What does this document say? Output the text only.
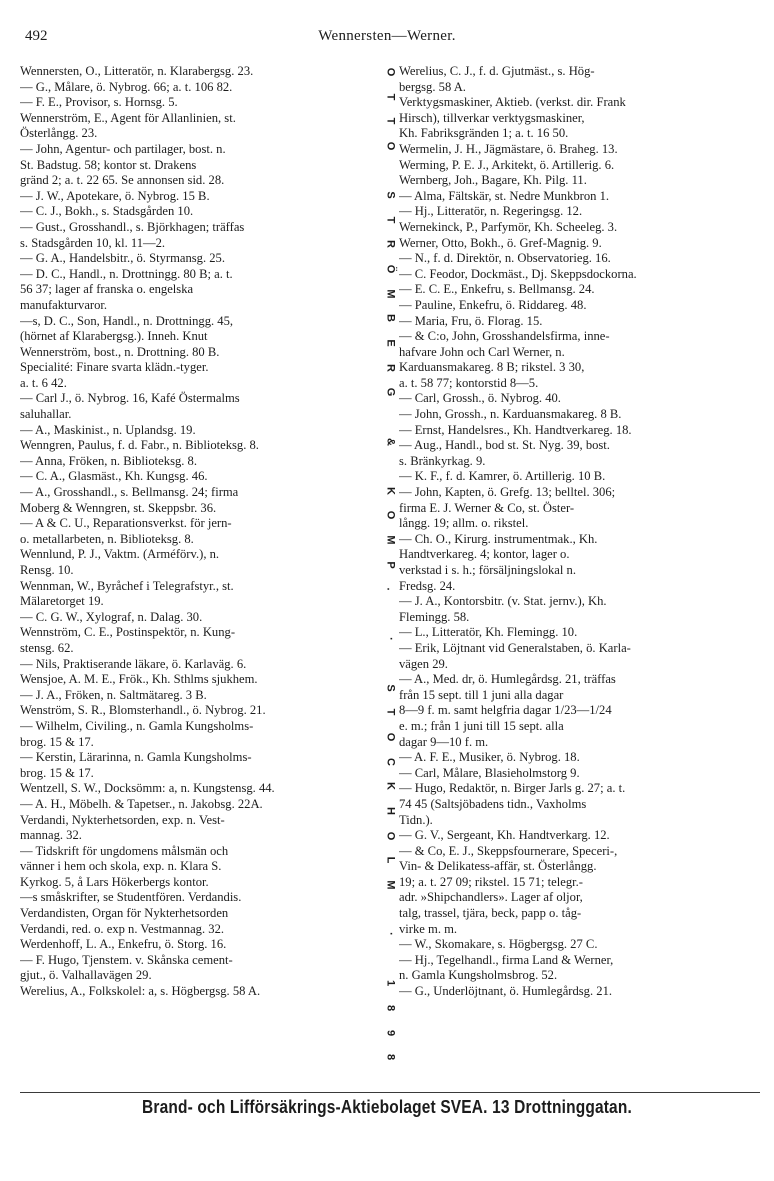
492	Wennersten—Werner.
Wennersten, O., Litteratör, n. Klarabergsg. 23.
— G., Målare, ö. Nybrog. 66; a. t. 106 82.
— F. E., Provisor, s. Hornsg. 5.
Wennerström, E., Agent för Allanlinien, st.
Österlångg. 23.
— John, Agentur- och partilager, bost. n.
St. Badstug. 58; kontor st. Drakens
gränd 2; a. t. 22 65. Se annonsen sid. 28.
— J. W., Apotekare, ö. Nybrog. 15 B.
— C. J., Bokh., s. Stadsgården 10.
— Gust., Grosshandl., s. Björkhagen; träffas
s. Stadsgården 10, kl. 11—2.
— G. A., Handelsbitr., ö. Styrmansg. 25.
— D. C., Handl., n. Drottningg. 80 B; a. t.
56 37; lager af franska o. engelska
manufakturvaror.
—s, D. C., Son, Handl., n. Drottningg. 45,
(hörnet af Klarabergsg.). Inneh. Knut
Wennerström, bost., n. Drottning. 80 B.
Specialité: Finare svarta klädn.-tyger.
a. t. 6 42.
— Carl J., ö. Nybrog. 16, Kafé Östermalms
saluhallar.
— A., Maskinist., n. Uplandsg. 19.
Wenngren, Paulus, f. d. Fabr., n. Biblioteksg. 8.
— Anna, Fröken, n. Biblioteksg. 8.
— C. A., Glasmäst., Kh. Kungsg. 46.
— A., Grosshandl., s. Bellmansg. 24; firma
Moberg & Wenngren, st. Skeppsbr. 36.
— A & C. U., Reparationsverkst. för jern-
o. metallarbeten, n. Biblioteksg. 8.
Wennlund, P. J., Vaktm. (Arméförv.), n.
Rensg. 10.
Wennman, W., Byråchef i Telegrafstyr., st.
Mälaretorget 19.
— C. G. W., Xylograf, n. Dalag. 30.
Wennström, C. E., Postinspektör, n. Kung-
stensg. 62.
— Nils, Praktiserande läkare, ö. Karlaväg. 6.
Wensjoe, A. M. E., Frök., Kh. Sthlms sjukhem.
— J. A., Fröken, n. Saltmätareg. 3 B.
Wenström, S. R., Blomsterhandl., ö. Nybrog. 21.
— Wilhelm, Civiling., n. Gamla Kungsholms-
brog. 15 & 17.
— Kerstin, Lärarinna, n. Gamla Kungsholms-
brog. 15 & 17.
Wentzell, S. W., Docksömm: a, n. Kungstensg. 44.
— A. H., Möbelh. & Tapetser., n. Jakobsg. 22A.
Verdandi, Nykterhetsorden, exp. n. Vest-
mannag. 32.
— Tidskrift för ungdomens målsmän och
vänner i hem och skola, exp. n. Klara S.
Kyrkog. 5, å Lars Hökerbergs kontor.
—s småskrifter, se Studentfören. Verdandis.
Verdandisten, Organ för Nykterhetsorden
Verdandi, red. o. exp n. Vestmannag. 32.
Werdenhoff, L. A., Enkefru, ö. Storg. 16.
— F. Hugo, Tjenstem. v. Skånska cement-
gjut., ö. Valhallavägen 29.
Werelius, A., Folkskolel: a, s. Högbergsg. 58 A.
O
T
T
O
S
T
R
Ö
M
B
E
R
G
&
K
O
M
P
.
·
S
T
O
C
K
H
O
L
M
·
1
8
9
8
Werelius, C. J., f. d. Gjutmäst., s. Hög-
bergsg. 58 A.
Verktygsmaskiner, Aktieb. (verkst. dir. Frank
Hirsch), tillverkar verktygsmaskiner,
Kh. Fabriksgränden 1; a. t. 16 50.
Wermelin, J. H., Jägmästare, ö. Braheg. 13.
Werming, P. E. J., Arkitekt, ö. Artillerig. 6.
Wernberg, Joh., Bagare, Kh. Pilg. 11.
— Alma, Fältskär, st. Nedre Munkbron 1.
— Hj., Litteratör, n. Regeringsg. 12.
Wernekinck, P., Parfymör, Kh. Scheeleg. 3.
Werner, Otto, Bokh., ö. Gref-Magnig. 9.
— N., f. d. Direktör, n. Observatorieg. 16.
— C. Feodor, Dockmäst., Dj. Skeppsdockorna.
— E. C. E., Enkefru, s. Bellmansg. 24.
— Pauline, Enkefru, ö. Riddareg. 48.
— Maria, Fru, ö. Florag. 15.
— & C:o, John, Grosshandelsfirma, inne-
hafvare John och Carl Werner, n.
Karduansmakareg. 8 B; rikstel. 3 30,
a. t. 58 77; kontorstid 8—5.
— Carl, Grossh., ö. Nybrog. 40.
— John, Grossh., n. Karduansmakareg. 8 B.
— Ernst, Handelsres., Kh. Handtverkareg. 18.
— Aug., Handl., bod st. St. Nyg. 39, bost.
s. Bränkyrkag. 9.
— K. F., f. d. Kamrer, ö. Artillerig. 10 B.
— John, Kapten, ö. Grefg. 13; belltel. 306;
firma E. J. Werner & Co, st. Öster-
långg. 19; allm. o. rikstel.
— Ch. O., Kirurg. instrumentmak., Kh.
Handtverkareg. 4; kontor, lager o.
verkstad i s. h.; försäljningslokal n.
Fredsg. 24.
— J. A., Kontorsbitr. (v. Stat. jernv.), Kh.
Flemingg. 58.
— L., Litteratör, Kh. Flemingg. 10.
— Erik, Löjtnant vid Generalstaben, ö. Karla-
vägen 29.
— A., Med. dr, ö. Humlegårdsg. 21, träffas
från 15 sept. till 1 juni alla dagar
8—9 f. m. samt helgfria dagar 1/23—1/24
e. m.; från 1 juni till 15 sept. alla
dagar 9—10 f. m.
— A. F. E., Musiker, ö. Nybrog. 18.
— Carl, Målare, Blasieholmstorg 9.
— Hugo, Redaktör, n. Birger Jarls g. 27; a. t.
74 45 (Saltsjöbadens tidn., Vaxholms
Tidn.).
— G. V., Sergeant, Kh. Handtverkarg. 12.
— & Co, E. J., Skeppsfournerare, Speceri-,
Vin- & Delikatess-affär, st. Österlångg.
19; a. t. 27 09; rikstel. 15 71; telegr.-
adr. »Shipchandlers». Lager af oljor,
talg, trassel, tjära, beck, papp o. tåg-
virke m. m.
— W., Skomakare, s. Högbergsg. 27 C.
— Hj., Tegelhandl., firma Land & Werner,
n. Gamla Kungsholmsbrog. 52.
— G., Underlöjtnant, ö. Humlegårdsg. 21.
Brand- och Lifförsäkrings-Aktiebolaget SVEA. 13 Drottninggatan.
